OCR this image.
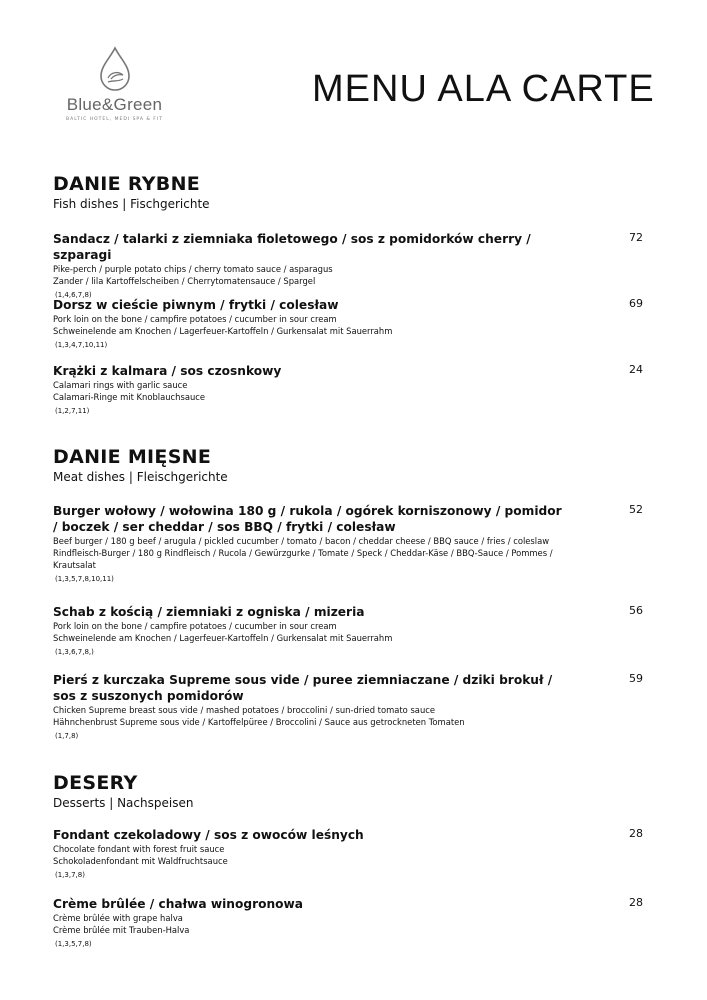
Blue&Green
BALTIC HOTEL, MEDI SPA & FIT
MENU ALA CARTE
DANIE RYBNE
Fish dishes | Fischgerichte
Sandacz / talarki z ziemniaka fioletowego / sos z pomidorków cherry / szparagi
Pike-perch / purple potato chips / cherry tomato sauce / asparagus
Zander / lila Kartoffelscheiben / Cherrytomatensauce / Spargel
(1,4,6,7,8)
72
Dorsz w cieście piwnym / frytki / colesław
Pork loin on the bone / campfire potatoes / cucumber in sour cream
Schweinelende am Knochen / Lagerfeuer-Kartoffeln / Gurkensalat mit Sauerrahm
(1,3,4,7,10,11)
69
Krążki z kalmara / sos czosnkowy
Calamari rings with garlic sauce
Calamari-Ringe mit Knoblauchsauce
(1,2,7,11)
24
DANIE MIĘSNE
Meat dishes | Fleischgerichte
Burger wołowy / wołowina 180 g / rukola / ogórek korniszonowy / pomidor / boczek / ser cheddar / sos BBQ / frytki / colesław
Beef burger / 180 g beef / arugula / pickled cucumber / tomato / bacon / cheddar cheese / BBQ sauce / fries / coleslaw
Rindfleisch-Burger / 180 g Rindfleisch / Rucola / Gewürzgurke / Tomate / Speck / Cheddar-Käse / BBQ-Sauce / Pommes / Krautsalat
(1,3,5,7,8,10,11)
52
Schab z kością / ziemniaki z ogniska / mizeria
Pork loin on the bone / campfire potatoes / cucumber in sour cream
Schweinelende am Knochen / Lagerfeuer-Kartoffeln / Gurkensalat mit Sauerrahm
(1,3,6,7,8,)
56
Pierś z kurczaka Supreme sous vide / puree ziemniaczane / dziki brokuł / sos z suszonych pomidorów
Chicken Supreme breast sous vide / mashed potatoes / broccolini / sun-dried tomato sauce
Hähnchenbrust Supreme sous vide / Kartoffelpüree / Broccolini / Sauce aus getrockneten Tomaten
(1,7,8)
59
DESERY
Desserts | Nachspeisen
Fondant czekoladowy / sos z owoców leśnych
Chocolate fondant with forest fruit sauce
Schokoladenfondant mit Waldfruchtsauce
(1,3,7,8)
28
Crème brûlée / chałwa winogronowa
Crème brûlée with grape halva
Crème brûlée mit Trauben-Halva
(1,3,5,7,8)
28
